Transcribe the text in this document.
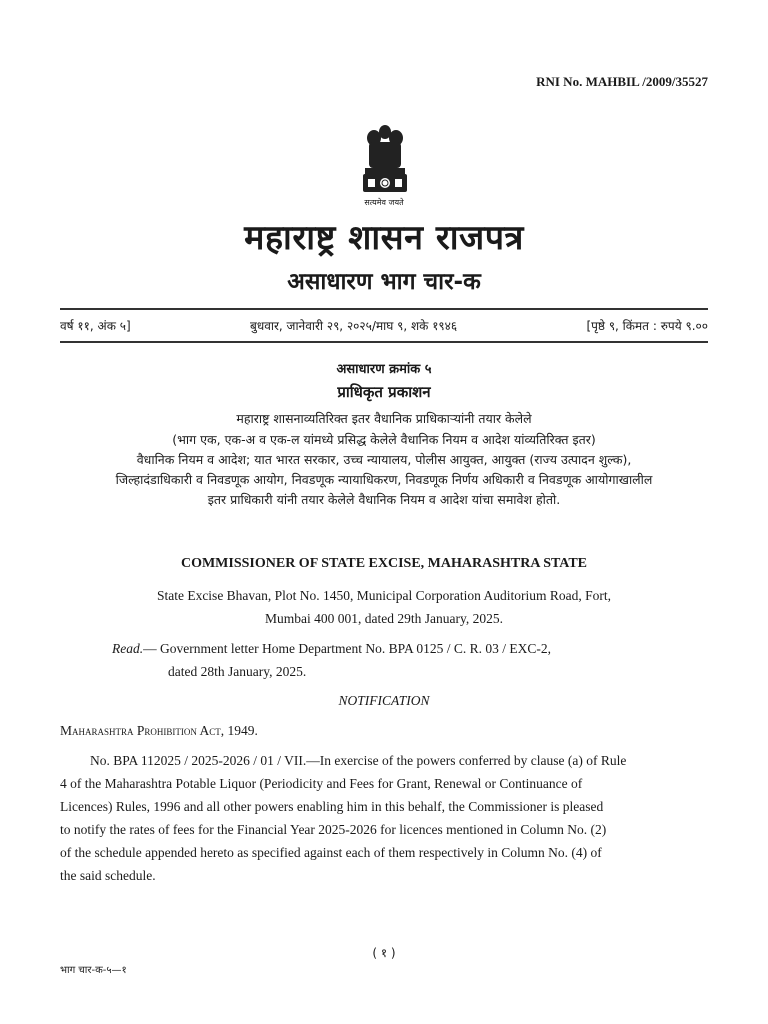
RNI No. MAHBIL /2009/35527
सत्यमेव जयते
महाराष्ट्र शासन राजपत्र
असाधारण भाग चार-क
वर्ष ११, अंक ५]	बुधवार, जानेवारी २९, २०२५/माघ ९, शके १९४६	[पृष्ठे ९, किंमत : रुपये ९.००
असाधारण क्रमांक ५
प्राधिकृत प्रकाशन
महाराष्ट्र शासनाव्यतिरिक्त इतर वैधानिक प्राधिकाऱ्यांनी तयार केलेले
(भाग एक, एक-अ व एक-ल यांमध्ये प्रसिद्ध केलेले वैधानिक नियम व आदेश यांव्यतिरिक्त इतर)
वैधानिक नियम व आदेश; यात भारत सरकार, उच्च न्यायालय, पोलीस आयुक्त, आयुक्त (राज्य उत्पादन शुल्क),
जिल्हादंडाधिकारी व निवडणूक आयोग, निवडणूक न्यायाधिकरण, निवडणूक निर्णय अधिकारी व निवडणूक आयोगाखालील
इतर प्राधिकारी यांनी तयार केलेले वैधानिक नियम व आदेश यांचा समावेश होतो.
COMMISSIONER OF STATE EXCISE, MAHARASHTRA STATE
State Excise Bhavan, Plot No. 1450, Municipal Corporation Auditorium Road, Fort,
Mumbai 400 001, dated 29th January, 2025.
Read.— Government letter Home Department No. BPA 0125 / C. R. 03 / EXC-2,
dated 28th January, 2025.
NOTIFICATION
Maharashtra Prohibition Act, 1949.
No. BPA 112025 / 2025-2026 / 01 / VII.—In exercise of the powers conferred by clause (a) of Rule
4 of the Maharashtra Potable Liquor (Periodicity and Fees for Grant, Renewal or Continuance of
Licences) Rules, 1996 and all other powers enabling him in this behalf, the Commissioner is pleased
to notify the rates of fees for the Financial Year 2025-2026 for licences mentioned in Column No. (2)
of the schedule appended hereto as specified against each of them respectively in Column No. (4) of
the said schedule.
( १ )
भाग चार-क-५—१
